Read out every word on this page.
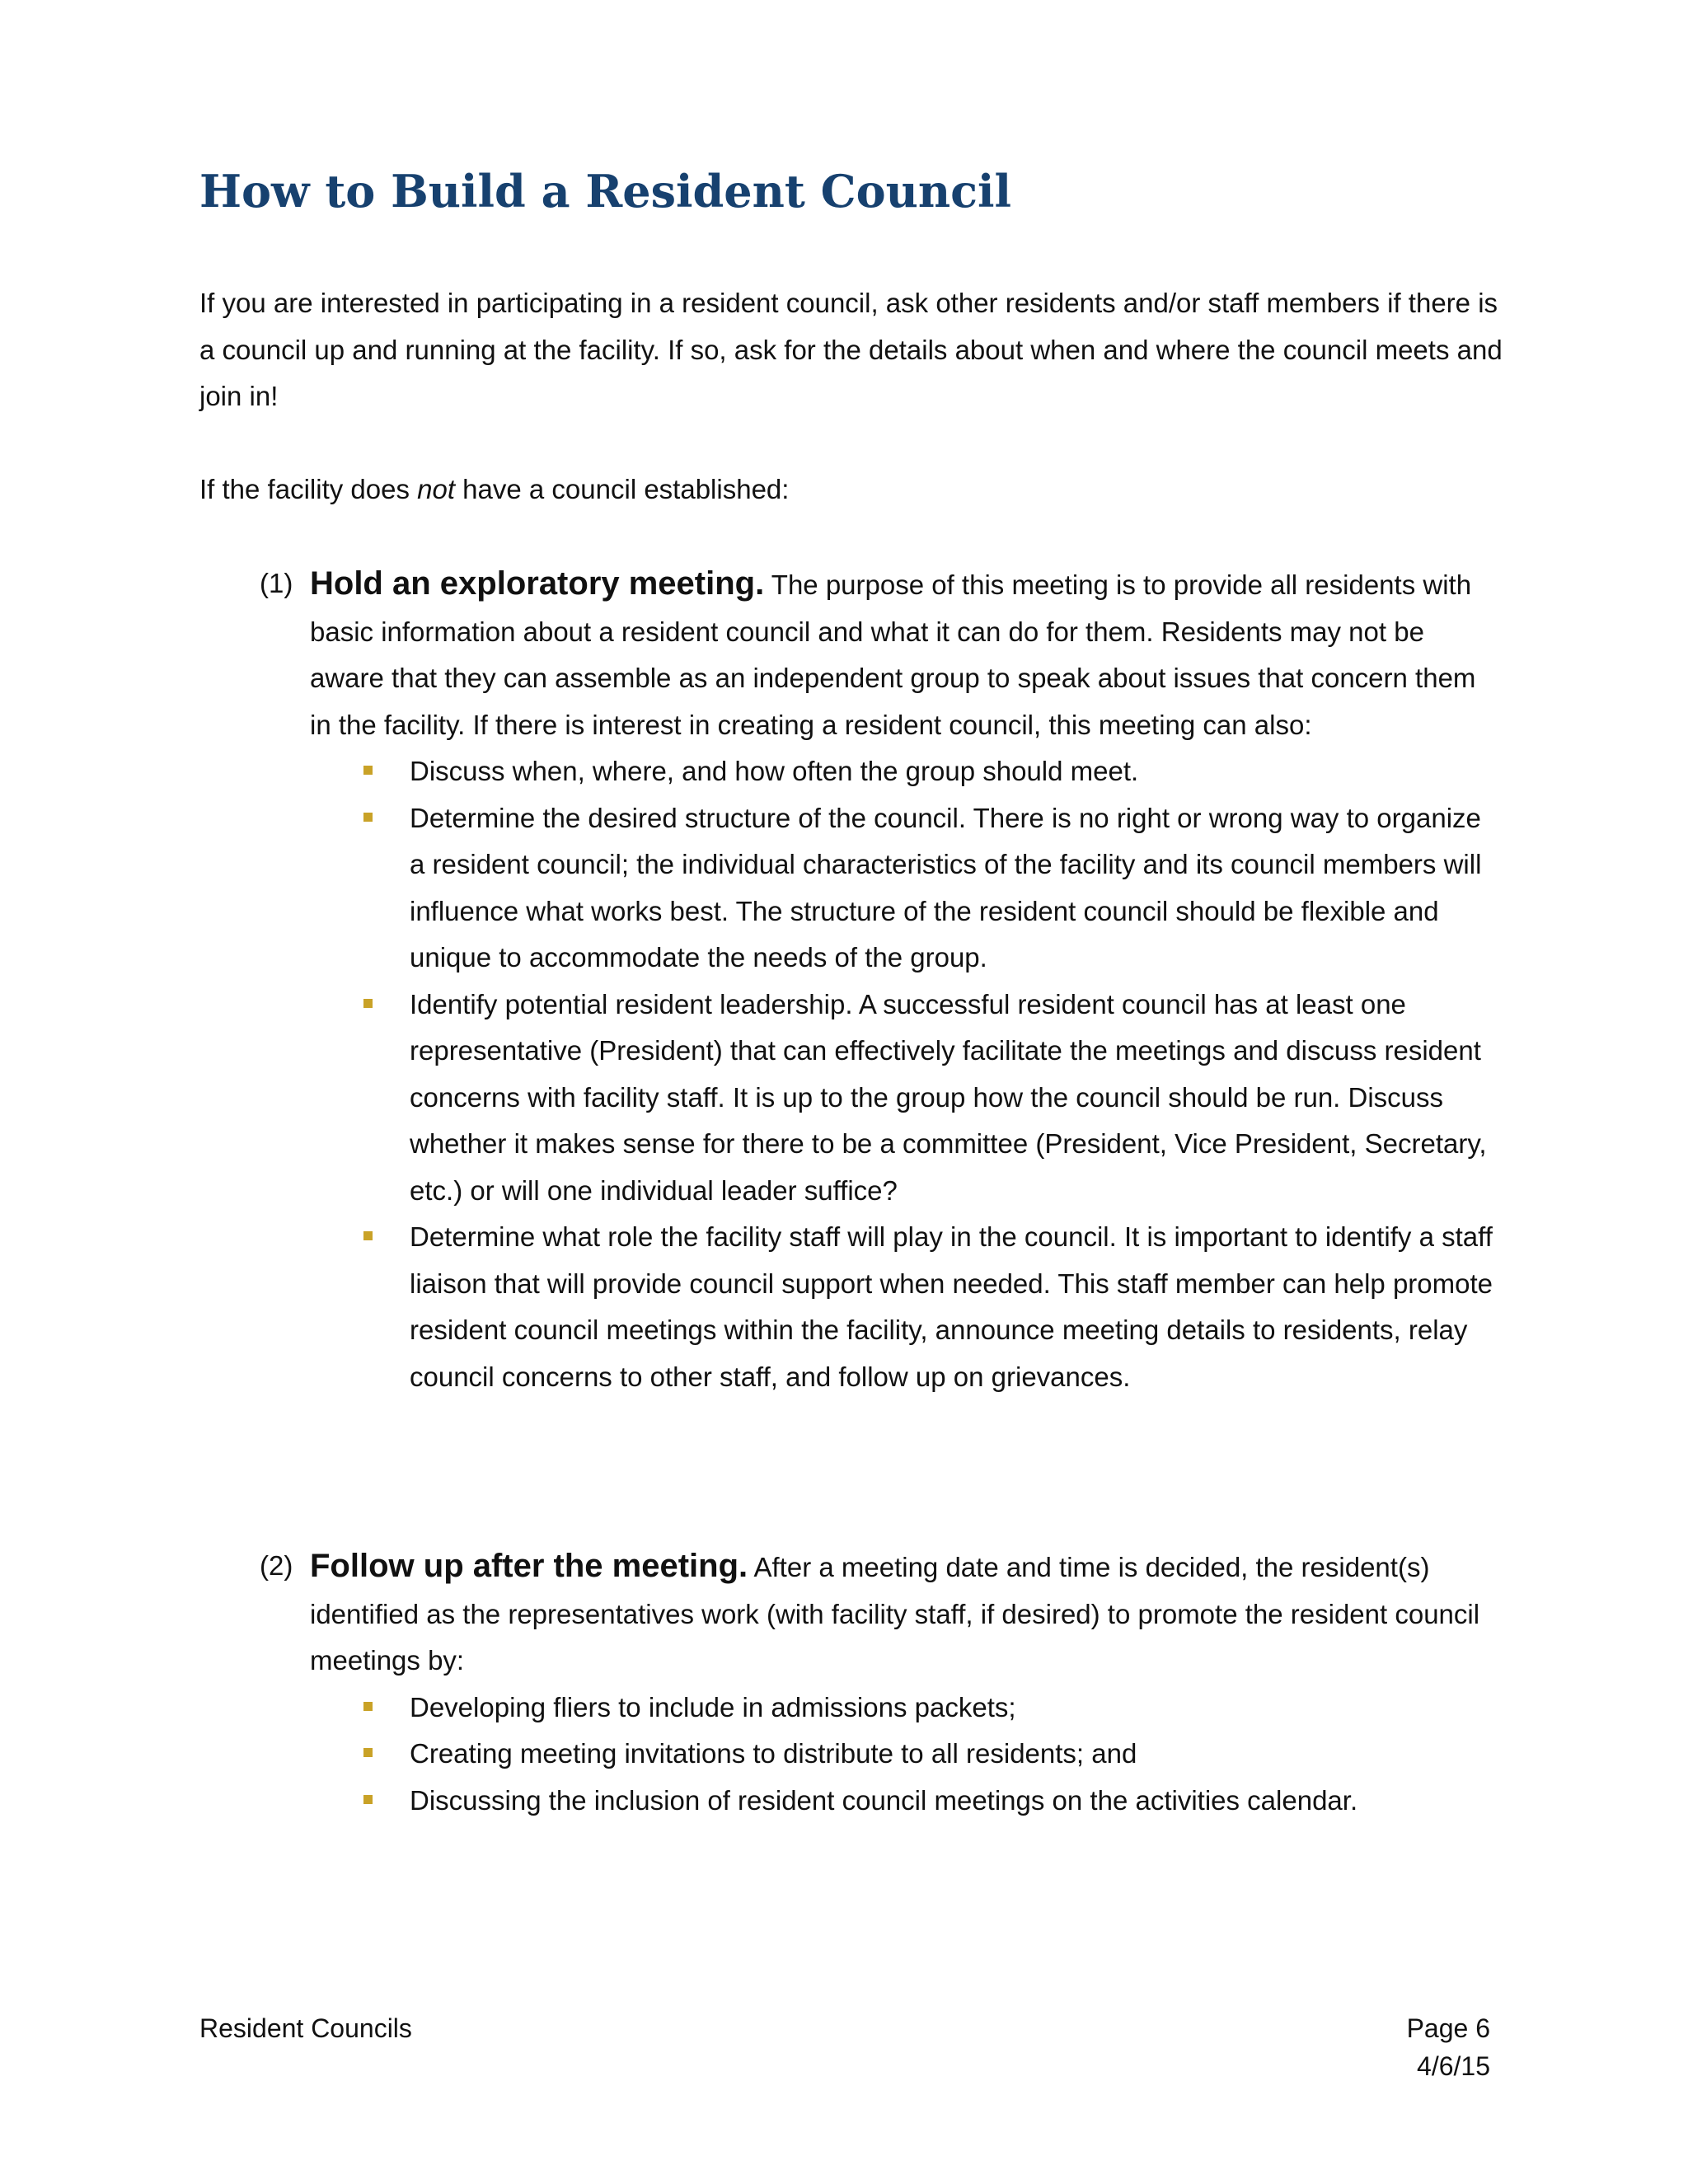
How to Build a Resident Council

If you are interested in participating in a resident council, ask other residents and/or staff members if there is a council up and running at the facility. If so, ask for the details about when and where the council meets and join in!

If the facility does not have a council established:

(1) Hold an exploratory meeting. The purpose of this meeting is to provide all residents with basic information about a resident council and what it can do for them. Residents may not be aware that they can assemble as an independent group to speak about issues that concern them in the facility. If there is interest in creating a resident council, this meeting can also:
Discuss when, where, and how often the group should meet.
Determine the desired structure of the council. There is no right or wrong way to organize a resident council; the individual characteristics of the facility and its council members will influence what works best. The structure of the resident council should be flexible and unique to accommodate the needs of the group.
Identify potential resident leadership. A successful resident council has at least one representative (President) that can effectively facilitate the meetings and discuss resident concerns with facility staff. It is up to the group how the council should be run. Discuss whether it makes sense for there to be a committee (President, Vice President, Secretary, etc.) or will one individual leader suffice?
Determine what role the facility staff will play in the council. It is important to identify a staff liaison that will provide council support when needed. This staff member can help promote resident council meetings within the facility, announce meeting details to residents, relay council concerns to other staff, and follow up on grievances.
(2) Follow up after the meeting. After a meeting date and time is decided, the resident(s) identified as the representatives work (with facility staff, if desired) to promote the resident council meetings by:
Developing fliers to include in admissions packets;
Creating meeting invitations to distribute to all residents; and
Discussing the inclusion of resident council meetings on the activities calendar.
Resident Councils	Page 6
4/6/15
